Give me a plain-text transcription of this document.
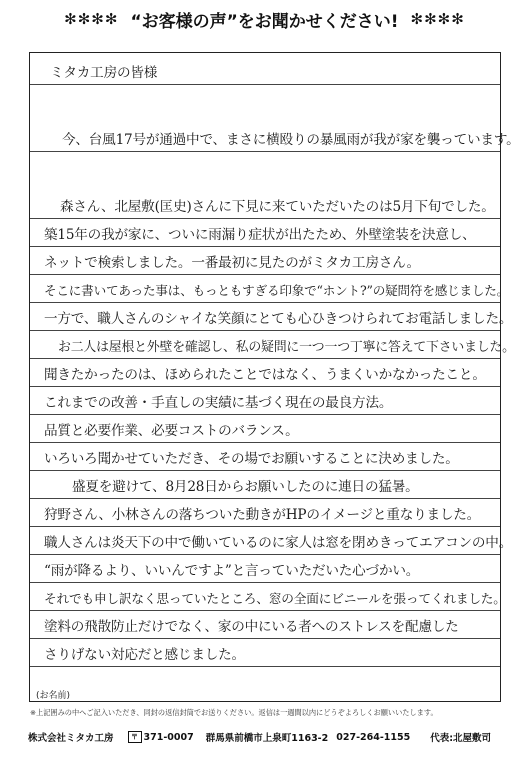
✻✻✻✻ “お客様の声”をお聞かせください! ✻✻✻✻
ミタカ工房の皆様
今、台風17号が通過中で、まさに横殴りの暴風雨が我が家を襲っています。
森さん、北屋敷(匡史)さんに下見に来ていただいたのは5月下旬でした。
築15年の我が家に、ついに雨漏り症状が出たため、外壁塗装を決意し、
ネットで検索しました。一番最初に見たのがミタカ工房さん。
そこに書いてあった事は、もっともすぎる印象で“ホント?”の疑問符を感じました。
一方で、職人さんのシャイな笑顔にとても心ひきつけられてお電話しました。
お二人は屋根と外壁を確認し、私の疑問に一つ一つ丁寧に答えて下さいました。
聞きたかったのは、ほめられたことではなく、うまくいかなかったこと。
これまでの改善・手直しの実績に基づく現在の最良方法。
品質と必要作業、必要コストのバランス。
いろいろ聞かせていただき、その場でお願いすることに決めました。
盛夏を避けて、8月28日からお願いしたのに連日の猛暑。
狩野さん、小林さんの落ちついた動きがHPのイメージと重なりました。
職人さんは炎天下の中で働いているのに家人は窓を閉めきってエアコンの中。
“雨が降るより、いいんですよ”と言っていただいた心づかい。
それでも申し訳なく思っていたところ、窓の全面にビニールを張ってくれました。
塗料の飛散防止だけでなく、家の中にいる者へのストレスを配慮した
さりげない対応だと感じました。
(お名前)
※上記囲みの中へご記入いただき、同封の返信封筒でお送りください。返信は一週間以内にどうぞよろしくお願いいたします。
株式会社ミタカ工房	〒 371-0007 群馬県前橋市上泉町1163-2 027-264-1155 代表:北屋敷司
